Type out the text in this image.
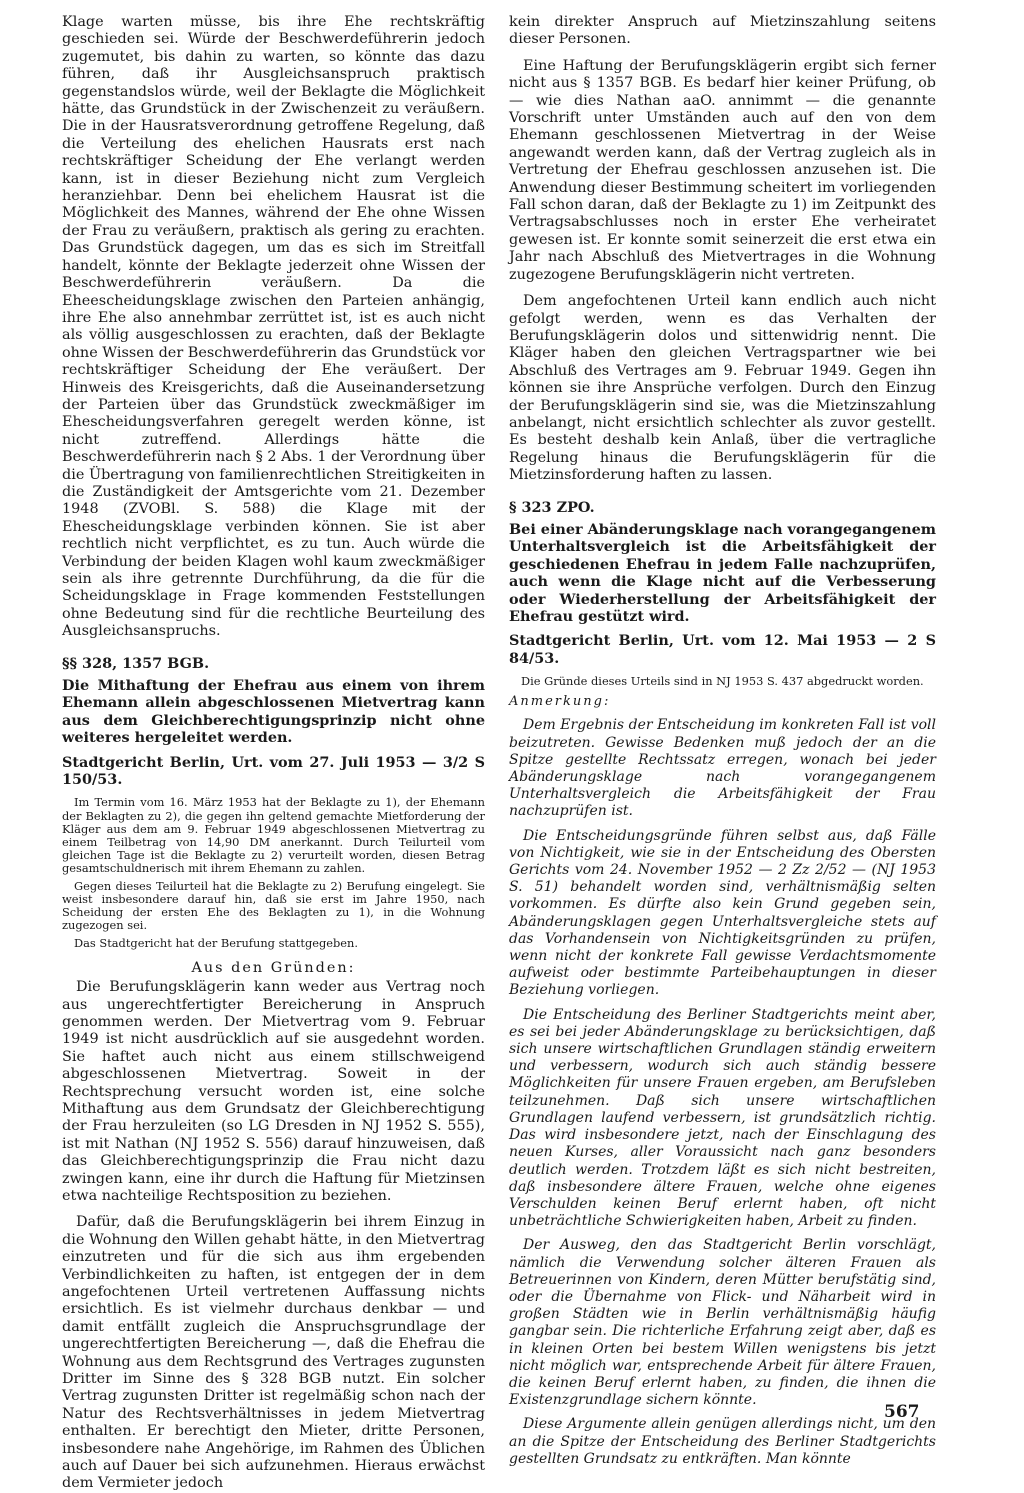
Klage warten müsse, bis ihre Ehe rechtskräftig geschieden sei. Würde der Beschwerdeführerin jedoch zugemutet, bis dahin zu warten, so könnte das dazu führen, daß ihr Ausgleichsanspruch praktisch gegenstandslos würde, weil der Beklagte die Möglichkeit hätte, das Grundstück in der Zwischenzeit zu veräußern. Die in der Hausratsverordnung getroffene Regelung, daß die Verteilung des ehelichen Hausrats erst nach rechtskräftiger Scheidung der Ehe verlangt werden kann, ist in dieser Beziehung nicht zum Vergleich heranziehbar. Denn bei ehelichem Hausrat ist die Möglichkeit des Mannes, während der Ehe ohne Wissen der Frau zu veräußern, praktisch als gering zu erachten. Das Grundstück dagegen, um das es sich im Streitfall handelt, könnte der Beklagte jederzeit ohne Wissen der Beschwerdeführerin veräußern. Da die Eheescheidungsklage zwischen den Parteien anhängig, ihre Ehe also annehmbar zerrüttet ist, ist es auch nicht als völlig ausgeschlossen zu erachten, daß der Beklagte ohne Wissen der Beschwerdeführerin das Grundstück vor rechtskräftiger Scheidung der Ehe veräußert. Der Hinweis des Kreisgerichts, daß die Auseinandersetzung der Parteien über das Grundstück zweckmäßiger im Ehescheidungsverfahren geregelt werden könne, ist nicht zutreffend. Allerdings hätte die Beschwerdeführerin nach § 2 Abs. 1 der Verordnung über die Übertragung von familienrechtlichen Streitigkeiten in die Zuständigkeit der Amtsgerichte vom 21. Dezember 1948 (ZVOBl. S. 588) die Klage mit der Ehescheidungsklage verbinden können. Sie ist aber rechtlich nicht verpflichtet, es zu tun. Auch würde die Verbindung der beiden Klagen wohl kaum zweckmäßiger sein als ihre getrennte Durchführung, da die für die Scheidungsklage in Frage kommenden Feststellungen ohne Bedeutung sind für die rechtliche Beurteilung des Ausgleichsanspruchs.

§§ 328, 1357 BGB.

Die Mithaftung der Ehefrau aus einem von ihrem Ehemann allein abgeschlossenen Mietvertrag kann aus dem Gleichberechtigungsprinzip nicht ohne weiteres hergeleitet werden.

Stadtgericht Berlin, Urt. vom 27. Juli 1953 — 3/2 S 150/53.

Im Termin vom 16. März 1953 hat der Beklagte zu 1), der Ehemann der Beklagten zu 2), die gegen ihn geltend gemachte Mietforderung der Kläger aus dem am 9. Februar 1949 abgeschlossenen Mietvertrag zu einem Teilbetrag von 14,90 DM anerkannt. Durch Teilurteil vom gleichen Tage ist die Beklagte zu 2) verurteilt worden, diesen Betrag gesamtschuldnerisch mit ihrem Ehemann zu zahlen.

Gegen dieses Teilurteil hat die Beklagte zu 2) Berufung eingelegt. Sie weist insbesondere darauf hin, daß sie erst im Jahre 1950, nach Scheidung der ersten Ehe des Beklagten zu 1), in die Wohnung zugezogen sei.

Das Stadtgericht hat der Berufung stattgegeben.

Aus den Gründen:

Die Berufungsklägerin kann weder aus Vertrag noch aus ungerechtfertigter Bereicherung in Anspruch genommen werden. Der Mietvertrag vom 9. Februar 1949 ist nicht ausdrücklich auf sie ausgedehnt worden. Sie haftet auch nicht aus einem stillschweigend abgeschlossenen Mietvertrag. Soweit in der Rechtsprechung versucht worden ist, eine solche Mithaftung aus dem Grundsatz der Gleichberechtigung der Frau herzuleiten (so LG Dresden in NJ 1952 S. 555), ist mit Nathan (NJ 1952 S. 556) darauf hinzuweisen, daß das Gleichberechtigungsprinzip die Frau nicht dazu zwingen kann, eine ihr durch die Haftung für Mietzinsen etwa nachteilige Rechtsposition zu beziehen.

Dafür, daß die Berufungsklägerin bei ihrem Einzug in die Wohnung den Willen gehabt hätte, in den Mietvertrag einzutreten und für die sich aus ihm ergebenden Verbindlichkeiten zu haften, ist entgegen der in dem angefochtenen Urteil vertretenen Auffassung nichts ersichtlich. Es ist vielmehr durchaus denkbar — und damit entfällt zugleich die Anspruchsgrundlage der ungerechtfertigten Bereicherung —, daß die Ehefrau die Wohnung aus dem Rechtsgrund des Vertrages zugunsten Dritter im Sinne des § 328 BGB nutzt. Ein solcher Vertrag zugunsten Dritter ist regelmäßig schon nach der Natur des Rechtsverhältnisses in jedem Mietvertrag enthalten. Er berechtigt den Mieter, dritte Personen, insbesondere nahe Angehörige, im Rahmen des Üblichen auch auf Dauer bei sich aufzunehmen. Hieraus erwächst dem Vermieter jedoch

kein direkter Anspruch auf Mietzinszahlung seitens dieser Personen.

Eine Haftung der Berufungsklägerin ergibt sich ferner nicht aus § 1357 BGB. Es bedarf hier keiner Prüfung, ob — wie dies Nathan aaO. annimmt — die genannte Vorschrift unter Umständen auch auf den von dem Ehemann geschlossenen Mietvertrag in der Weise angewandt werden kann, daß der Vertrag zugleich als in Vertretung der Ehefrau geschlossen anzusehen ist. Die Anwendung dieser Bestimmung scheitert im vorliegenden Fall schon daran, daß der Beklagte zu 1) im Zeitpunkt des Vertragsabschlusses noch in erster Ehe verheiratet gewesen ist. Er konnte somit seinerzeit die erst etwa ein Jahr nach Abschluß des Mietvertrages in die Wohnung zugezogene Berufungsklägerin nicht vertreten.

Dem angefochtenen Urteil kann endlich auch nicht gefolgt werden, wenn es das Verhalten der Berufungsklägerin dolos und sittenwidrig nennt. Die Kläger haben den gleichen Vertragspartner wie bei Abschluß des Vertrages am 9. Februar 1949. Gegen ihn können sie ihre Ansprüche verfolgen. Durch den Einzug der Berufungsklägerin sind sie, was die Mietzinszahlung anbelangt, nicht ersichtlich schlechter als zuvor gestellt. Es besteht deshalb kein Anlaß, über die vertragliche Regelung hinaus die Berufungsklägerin für die Mietzinsforderung haften zu lassen.

§ 323 ZPO.

Bei einer Abänderungsklage nach vorangegangenem Unterhaltsvergleich ist die Arbeitsfähigkeit der geschiedenen Ehefrau in jedem Falle nachzuprüfen, auch wenn die Klage nicht auf die Verbesserung oder Wiederherstellung der Arbeitsfähigkeit der Ehefrau gestützt wird.

Stadtgericht Berlin, Urt. vom 12. Mai 1953 — 2 S 84/53.

Die Gründe dieses Urteils sind in NJ 1953 S. 437 abgedruckt worden.

Anmerkung:

Dem Ergebnis der Entscheidung im konkreten Fall ist voll beizutreten. Gewisse Bedenken muß jedoch der an die Spitze gestellte Rechtssatz erregen, wonach bei jeder Abänderungsklage nach vorangegangenem Unterhaltsvergleich die Arbeitsfähigkeit der Frau nachzuprüfen ist.

Die Entscheidungsgründe führen selbst aus, daß Fälle von Nichtigkeit, wie sie in der Entscheidung des Obersten Gerichts vom 24. November 1952 — 2 Zz 2/52 — (NJ 1953 S. 51) behandelt worden sind, verhältnismäßig selten vorkommen. Es dürfte also kein Grund gegeben sein, Abänderungsklagen gegen Unterhaltsvergleiche stets auf das Vorhandensein von Nichtigkeitsgründen zu prüfen, wenn nicht der konkrete Fall gewisse Verdachtsmomente aufweist oder bestimmte Parteibehauptungen in dieser Beziehung vorliegen.

Die Entscheidung des Berliner Stadtgerichts meint aber, es sei bei jeder Abänderungsklage zu berücksichtigen, daß sich unsere wirtschaftlichen Grundlagen ständig erweitern und verbessern, wodurch sich auch ständig bessere Möglichkeiten für unsere Frauen ergeben, am Berufsleben teilzunehmen. Daß sich unsere wirtschaftlichen Grundlagen laufend verbessern, ist grundsätzlich richtig. Das wird insbesondere jetzt, nach der Einschlagung des neuen Kurses, aller Voraussicht nach ganz besonders deutlich werden. Trotzdem läßt es sich nicht bestreiten, daß insbesondere ältere Frauen, welche ohne eigenes Verschulden keinen Beruf erlernt haben, oft nicht unbeträchtliche Schwierigkeiten haben, Arbeit zu finden.

Der Ausweg, den das Stadtgericht Berlin vorschlägt, nämlich die Verwendung solcher älteren Frauen als Betreuerinnen von Kindern, deren Mütter berufstätig sind, oder die Übernahme von Flick- und Näharbeit wird in großen Städten wie in Berlin verhältnismäßig häufig gangbar sein. Die richterliche Erfahrung zeigt aber, daß es in kleinen Orten bei bestem Willen wenigstens bis jetzt nicht möglich war, entsprechende Arbeit für ältere Frauen, die keinen Beruf erlernt haben, zu finden, die ihnen die Existenzgrundlage sichern könnte.

Diese Argumente allein genügen allerdings nicht, um den an die Spitze der Entscheidung des Berliner Stadtgerichts gestellten Grundsatz zu entkräften. Man könnte

567
